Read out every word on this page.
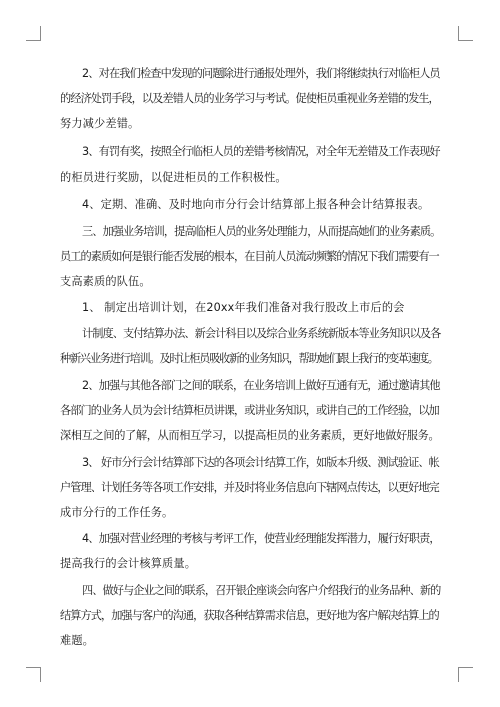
2、对在我们检查中发现的问题除进行通报处理外，我们将继续执行对临柜人员
的经济处罚手段，以及差错人员的业务学习与考试。促使柜员重视业务差错的发生，
努力减少差错。
3、有罚有奖，按照全行临柜人员的差错考核情况，对全年无差错及工作表现好
的柜员进行奖励，以促进柜员的工作积极性。
4、定期、准确、及时地向市分行会计结算部上报各种会计结算报表。
三、加强业务培训，提高临柜人员的业务处理能力，从而提高她们的业务素质。
员工的素质如何是银行能否发展的根本，在目前人员流动频繁的情况下我们需要有一
支高素质的队伍。
1、 制定出培训计划，在20xx年我们准备对我行股改上市后的会
计制度、支付结算办法、新会计科目以及综合业务系统新版本等业务知识以及各
种新兴业务进行培训。及时让柜员吸收新的业务知识，帮助她们跟上我行的变革速度。
2、加强与其他各部门之间的联系，在业务培训上做好互通有无，通过邀请其他
各部门的业务人员为会计结算柜员讲课，或讲业务知识，或讲自己的工作经验，以加
深相互之间的了解，从而相互学习，以提高柜员的业务素质，更好地做好服务。
3、 好市分行会计结算部下达的各项会计结算工作，如版本升级、测试验证、帐
户管理、计划任务等各项工作安排，并及时将业务信息向下辖网点传达，以更好地完
成市分行的工作任务。
4、加强对营业经理的考核与考评工作，使营业经理能发挥潜力，履行好职责，
提高我行的会计核算质量。
四、做好与企业之间的联系，召开银企座谈会向客户介绍我行的业务品种、新的
结算方式，加强与客户的沟通，获取各种结算需求信息，更好地为客户解决结算上的
难题。
